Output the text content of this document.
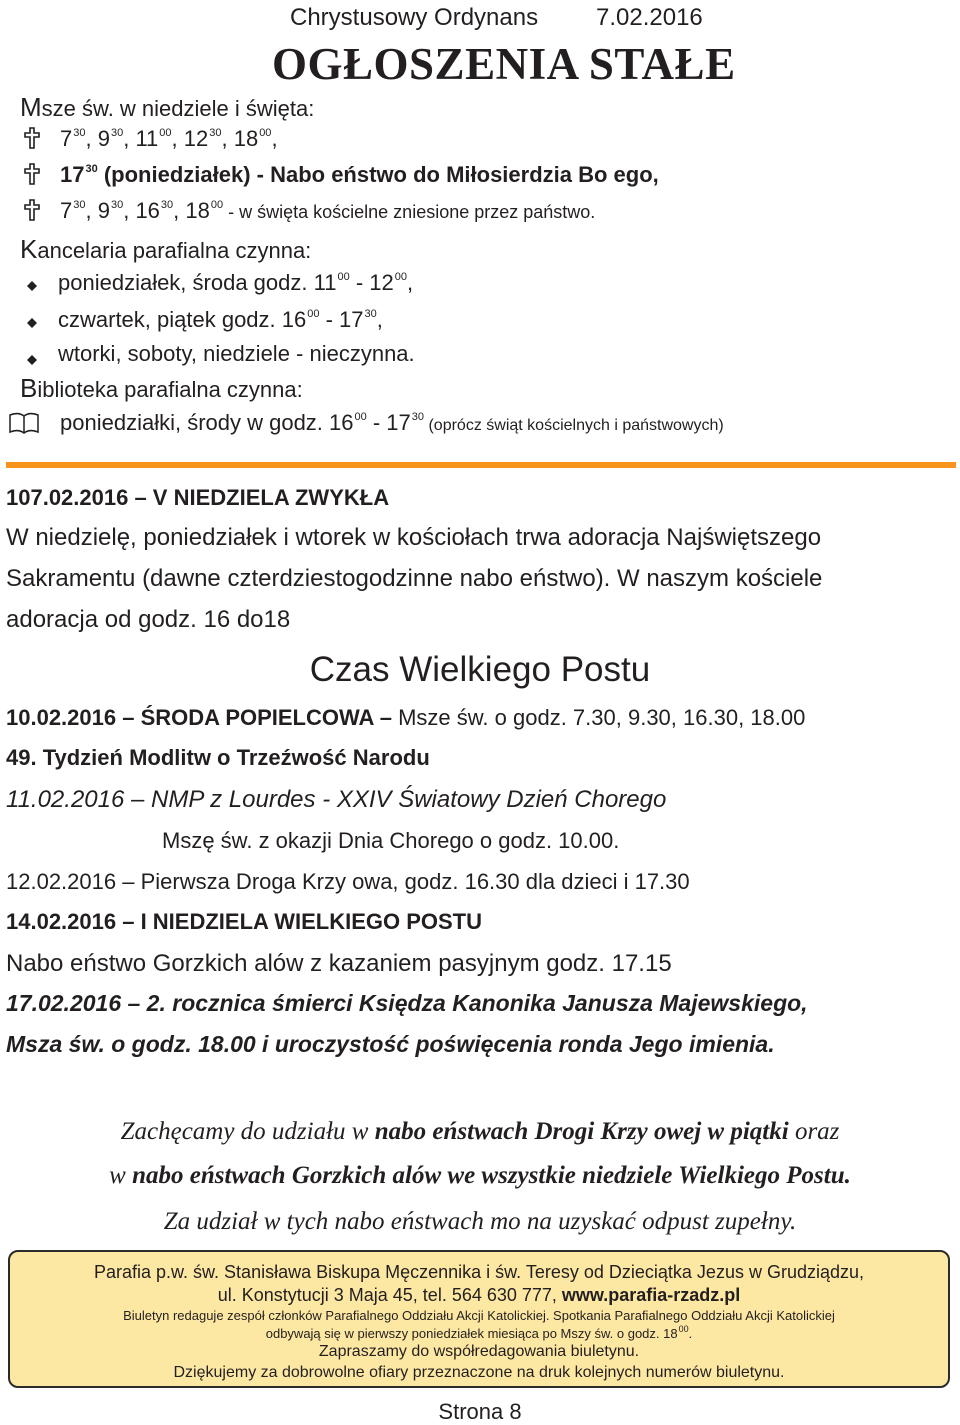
Chrystusowy Ordynans 7.02.2016
OGŁOSZENIA STAŁE
Msze św. w niedziele i święta:
$7^{30}$, $9^{30}$, $11^{00}$, $12^{30}$, $18^{00}$,
$17^{30}$ (poniedziałek) - Nabo eństwo do Miłosierdzia Bo ego,
$7^{30}$, $9^{30}$, $16^{30}$, $18^{00}$ - w święta kościelne zniesione przez państwo.
Kancelaria parafialna czynna:
poniedziałek, środa godz. $11^{00} - 12^{00}$,
czwartek, piątek godz. $16^{00} - 17^{30}$,
wtorki, soboty, niedziele - nieczynna.
Biblioteka parafialna czynna:
poniedziałki, środy w godz. $16^{00} - 17^{30}$ (oprócz świąt kościelnych i państwowych)
107.02.2016 – V NIEDZIELA ZWYKŁA
W niedzielę, poniedziałek i wtorek w kościołach trwa adoracja Najświętszego
Sakramentu (dawne czterdziestogodzinne nabo eństwo). W naszym kościele
adoracja od godz. 16 do18
Czas Wielkiego Postu
10.02.2016 – ŚRODA POPIELCOWA – Msze św. o godz. 7.30, 9.30, 16.30, 18.00
49. Tydzień Modlitw o Trzeźwość Narodu
11.02.2016 – NMP z Lourdes - XXIV Światowy Dzień Chorego
Mszę św. z okazji Dnia Chorego o godz. 10.00.
12.02.2016 – Pierwsza Droga Krzy owa, godz. 16.30 dla dzieci i 17.30
14.02.2016 – I NIEDZIELA WIELKIEGO POSTU
Nabo eństwo Gorzkich alów z kazaniem pasyjnym godz. 17.15
17.02.2016 – 2. rocznica śmierci Księdza Kanonika Janusza Majewskiego,
Msza św. o godz. 18.00 i uroczystość poświęcenia ronda Jego imienia.
Zachęcamy do udziału w nabo eństwach Drogi Krzy owej w piątki oraz
w nabo eństwach Gorzkich alów we wszystkie niedziele Wielkiego Postu.
Za udział w tych nabo eństwach mo na uzyskać odpust zupełny.
Parafia p.w. św. Stanisława Biskupa Męczennika i św. Teresy od Dzieciątka Jezus w Grudziądzu,
ul. Konstytucji 3 Maja 45, tel. 564 630 777, www.parafia-rzadz.pl
Biuletyn redaguje zespół członków Parafialnego Oddziału Akcji Katolickiej. Spotkania Parafialnego Oddziału Akcji Katolickiej
odbywają się w pierwszy poniedziałek miesiąca po Mszy św. o godz. $18^{00}$.
Zapraszamy do współredagowania biuletynu.
Dziękujemy za dobrowolne ofiary przeznaczone na druk kolejnych numerów biuletynu.
Strona 8
